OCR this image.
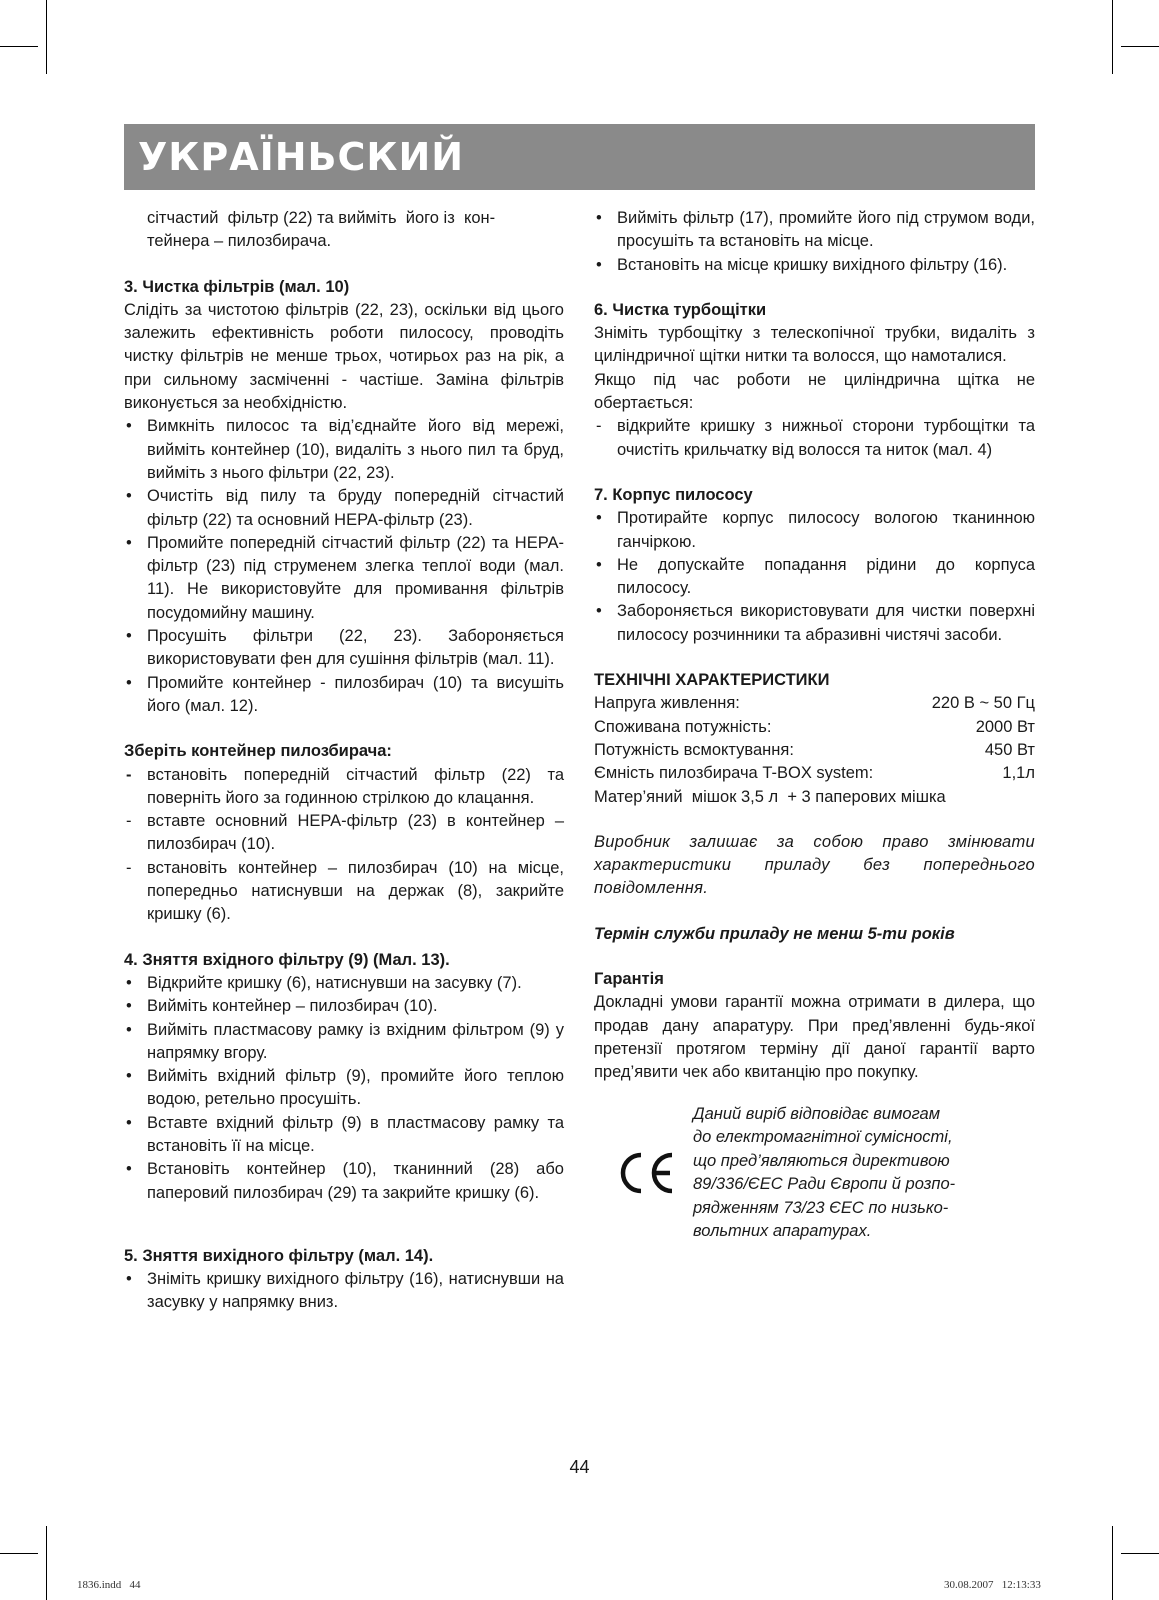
УКРАЇНЬСКИЙ
сітчастий  фільтр (22) та вийміть  його із  кон-
тейнера – пилозбирача.
3. Чистка фільтрів (мал. 10)

Слідіть за чистотою фільтрів (22, 23), оскільки від цього залежить ефективність роботи пилососу, проводіть чистку фільтрів не менше трьох, чотирьох раз на рік, а при сильному засміченні - частіше. Заміна фільтрів виконується за необхідністю.

• Вимкніть пилосос та від’єднайте його від мережі, вийміть контейнер (10), видаліть з нього пил та бруд, вийміть з нього фільтри (22, 23).
• Очистіть від пилу та бруду попередній сітчастий фільтр (22) та основний HEPA-фільтр (23).
• Промийте попередній сітчастий фільтр (22) та HEPA- фільтр (23) під струменем злегка теплої води (мал. 11). Не використовуйте для промивання фільтрів посудомийну машину.
• Просушіть фільтри (22, 23). Забороняється використовувати фен для сушіння фільтрів (мал. 11).
• Промийте контейнер - пилозбирач (10) та висушіть його (мал. 12).
Зберіть контейнер пилозбирача:
- встановіть попередній сітчастий фільтр (22) та поверніть його за годинною стрілкою до клацання.
- вставте основний HEPA-фільтр (23) в контейнер – пилозбирач (10).
- встановіть контейнер – пилозбирач (10) на місце, попередньо натиснувши на держак (8), закрийте кришку (6).
4. Зняття вхідного фільтру (9) (Мал. 13).
• Відкрийте кришку (6), натиснувши на засувку (7).
• Вийміть контейнер – пилозбирач (10).
• Вийміть пластмасову рамку із вхідним фільтром (9) у напрямку вгору.
• Вийміть вхідний фільтр (9), промийте його теплою водою, ретельно просушіть.
• Вставте вхідний фільтр (9) в пластмасову рамку та встановіть її на місце.
• Встановіть контейнер (10), тканинний (28) або паперовий пилозбирач (29) та закрийте кришку (6).
5. Зняття вихідного фільтру (мал. 14).
• Зніміть кришку вихідного фільтру (16), натиснувши на засувку у напрямку вниз.
• Вийміть фільтр (17), промийте його під струмом води, просушіть та встановіть на місце.
• Встановіть на місце кришку вихідного фільтру (16).
6. Чистка турбощітки

Зніміть турбощітку з телескопічної трубки, видаліть з циліндричної щітки нитки та волосся, що намоталися.

Якщо під час роботи не циліндрична щітка не обертається:

- відкрийте кришку з нижньої сторони турбощітки та очистіть крильчатку від волосся та ниток (мал. 4)
7. Корпус пилососу
• Протирайте корпус пилососу вологою тканинною ганчіркою.
• Не допускайте попадання рідини до корпуса пилососу.
• Забороняється використовувати для чистки поверхні пилососу розчинники та абразивні чистячі засоби.
ТЕХНІЧНІ ХАРАКТЕРИСТИКИ
Напруга живлення:	220 В ~ 50 Гц
Споживана потужність:	2000 Вт
Потужність всмоктування:	450 Вт
Ємність пилозбирача T-BOX system:	1,1л
Матер’яний  мішок 3,5 л  + 3 паперових мішка

Виробник залишає за собою право змінювати характеристики приладу без попереднього повідомлення.

Термін служби приладу не менш 5-ти років
Гарантія

Докладні умови гарантії можна отримати в дилера, що продав дану апаратуру. При пред’явленні будь-якої претензії протягом терміну дії даної гарантії варто пред’явити чек або квитанцію про покупку.

Даний виріб відповідає вимогам
до електромагнітної сумісності,
що пред’являються директивою
89/336/ЄЕС Ради Європи й розпо-
рядженням 73/23 ЄЕС по низько-
вольтних апаратурах.
44
1836.indd   44	30.08.2007   12:13:33
